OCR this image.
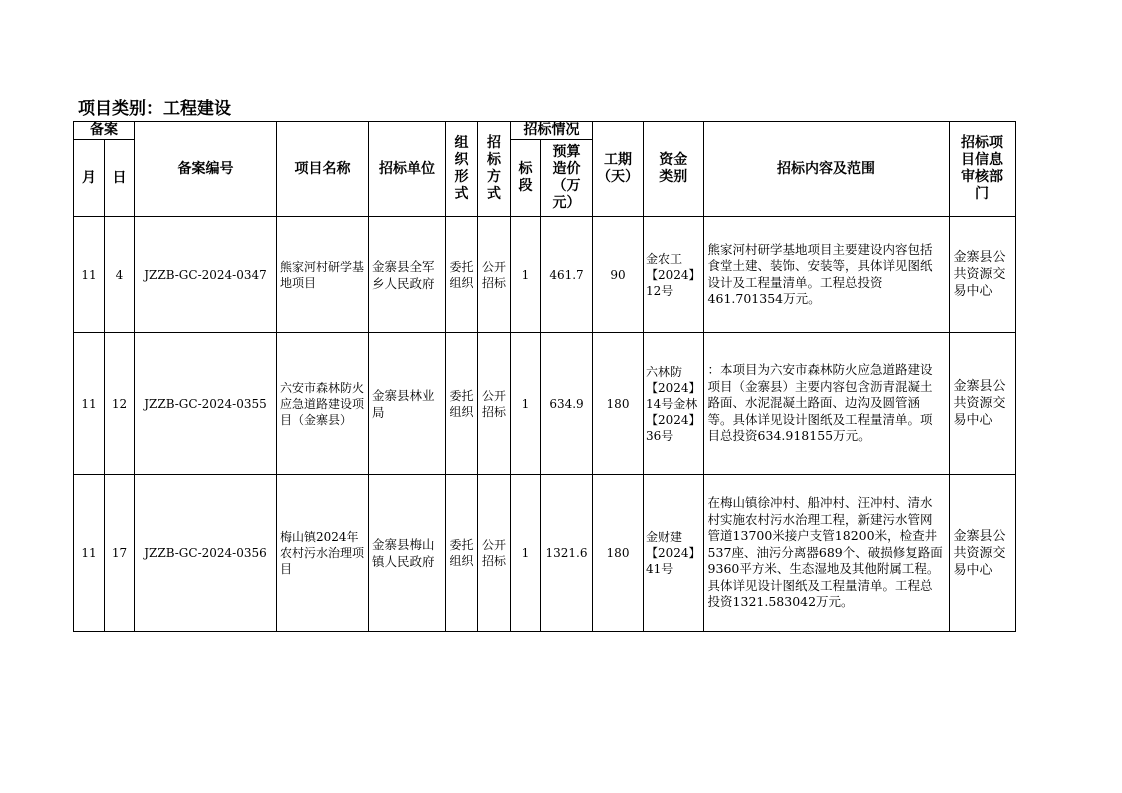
项目类别：工程建设
备案		备案编号	项目名称	招标单位	组织形式	招标方式	招标情况		工期（天）	资金类别	招标内容及范围	招标项目信息审核部门
月	日						标段	预算造价（万元）				
11	4	JZZB-GC-2024-0347	熊家河村研学基地项目	金寨县全军乡人民政府	委托组织	公开招标	1	461.7	90	金农工【2024】12号	熊家河村研学基地项目主要建设内容包括食堂土建、装饰、安装等，具体详见图纸设计及工程量清单。工程总投资461.701354万元。	金寨县公共资源交易中心
11	12	JZZB-GC-2024-0355	六安市森林防火应急道路建设项目（金寨县）	金寨县林业局	委托组织	公开招标	1	634.9	180	六林防【2024】14号金林【2024】36号	：本项目为六安市森林防火应急道路建设项目（金寨县）主要内容包含沥青混凝土路面、水泥混凝土路面、边沟及圆管涵等。具体详见设计图纸及工程量清单。项目总投资634.918155万元。	金寨县公共资源交易中心
11	17	JZZB-GC-2024-0356	梅山镇2024年农村污水治理项目	金寨县梅山镇人民政府	委托组织	公开招标	1	1321.6	180	金财建【2024】41号	在梅山镇徐冲村、船冲村、汪冲村、清水村实施农村污水治理工程，新建污水管网管道13700米接户支管18200米，检查井537座、油污分离器689个、破损修复路面9360平方米、生态湿地及其他附属工程。具体详见设计图纸及工程量清单。工程总投资1321.583042万元。	金寨县公共资源交易中心
